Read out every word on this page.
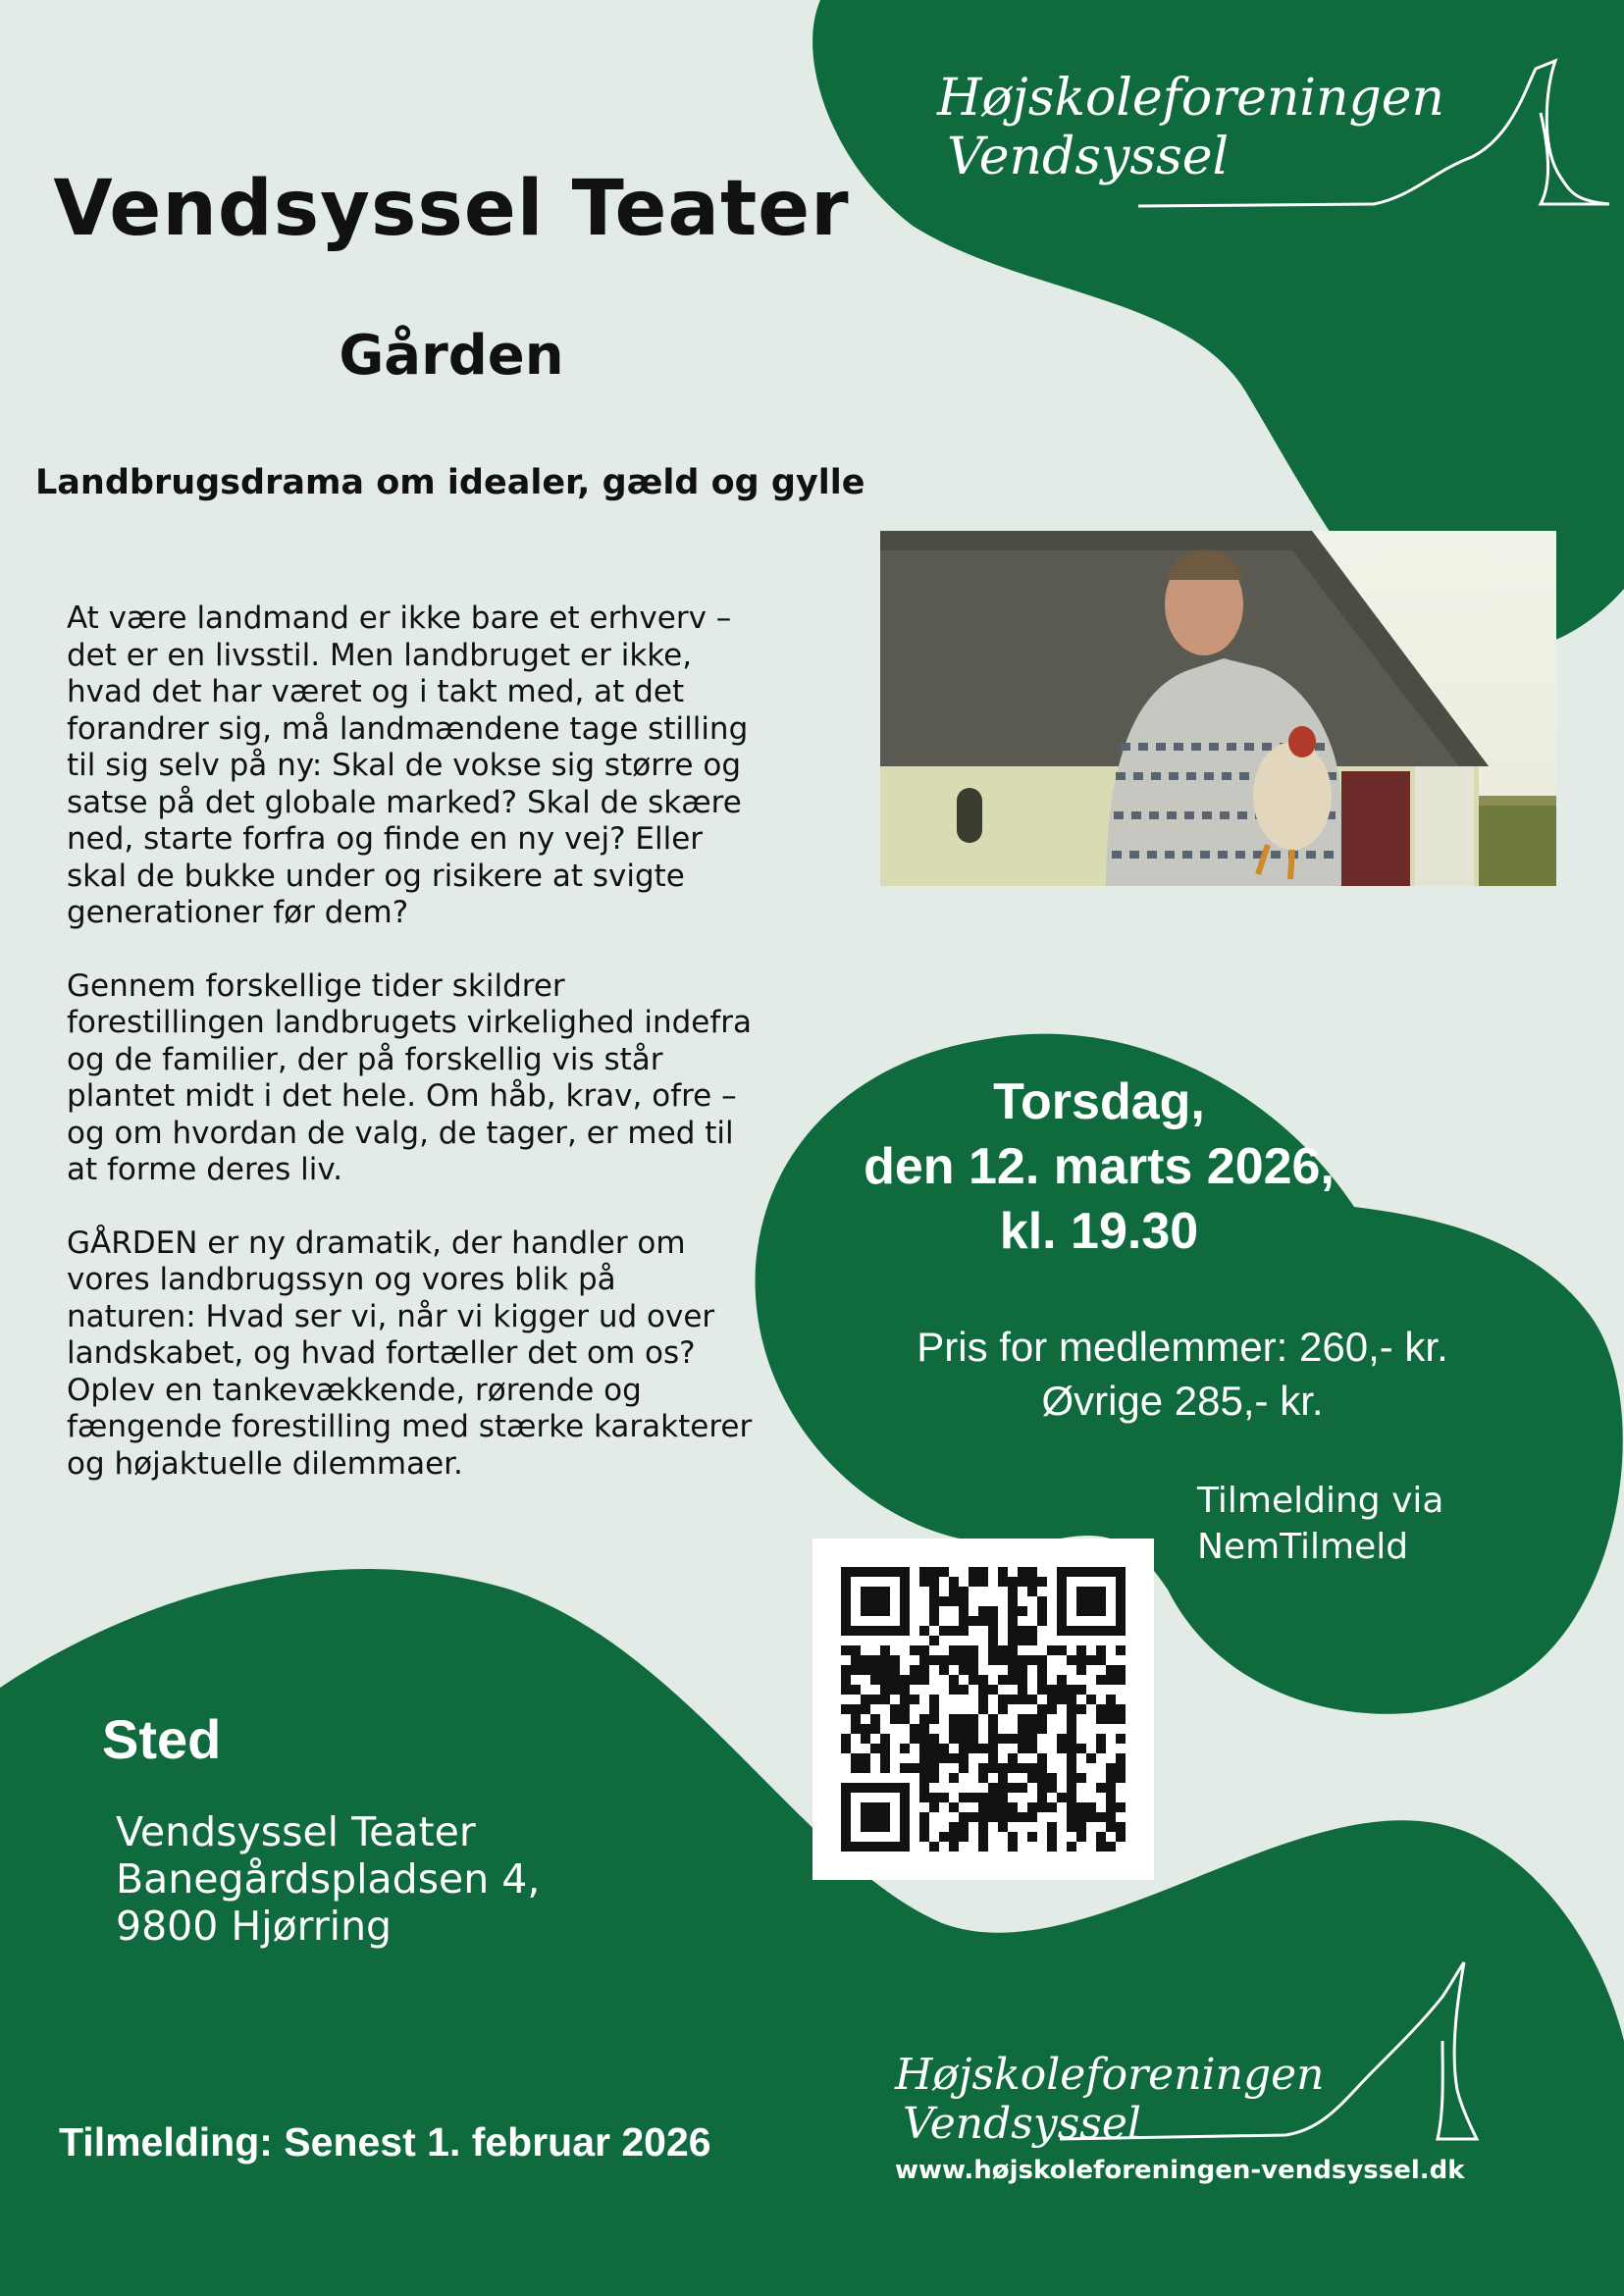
Højskoleforeningen
Vendsyssel
Vendsyssel Teater
Gården
Landbrugsdrama om idealer, gæld og gylle

At være landmand er ikke bare et erhverv – det er en livsstil. Men landbruget er ikke, hvad det har været og i takt med, at det forandrer sig, må landmændene tage stilling til sig selv på ny: Skal de vokse sig større og satse på det globale marked? Skal de skære ned, starte forfra og finde en ny vej? Eller skal de bukke under og risikere at svigte generationer før dem?

Gennem forskellige tider skildrer forestillingen landbrugets virkelighed indefra og de familier, der på forskellig vis står plantet midt i det hele. Om håb, krav, ofre – og om hvordan de valg, de tager, er med til at forme deres liv.

GÅRDEN er ny dramatik, der handler om vores landbrugssyn og vores blik på naturen: Hvad ser vi, når vi kigger ud over landskabet, og hvad fortæller det om os? Oplev en tankevækkende, rørende og fængende forestilling med stærke karakterer og højaktuelle dilemmaer.

Torsdag,
den 12. marts 2026,
kl. 19.30
Pris for medlemmer: 260,- kr.
Øvrige 285,- kr.
Tilmelding via
NemTilmeld
Sted
Vendsyssel Teater
Banegårdspladsen 4,
9800 Hjørring
Tilmelding: Senest 1. februar 2026
Højskoleforeningen
Vendsyssel
www.højskoleforeningen-vendsyssel.dk
